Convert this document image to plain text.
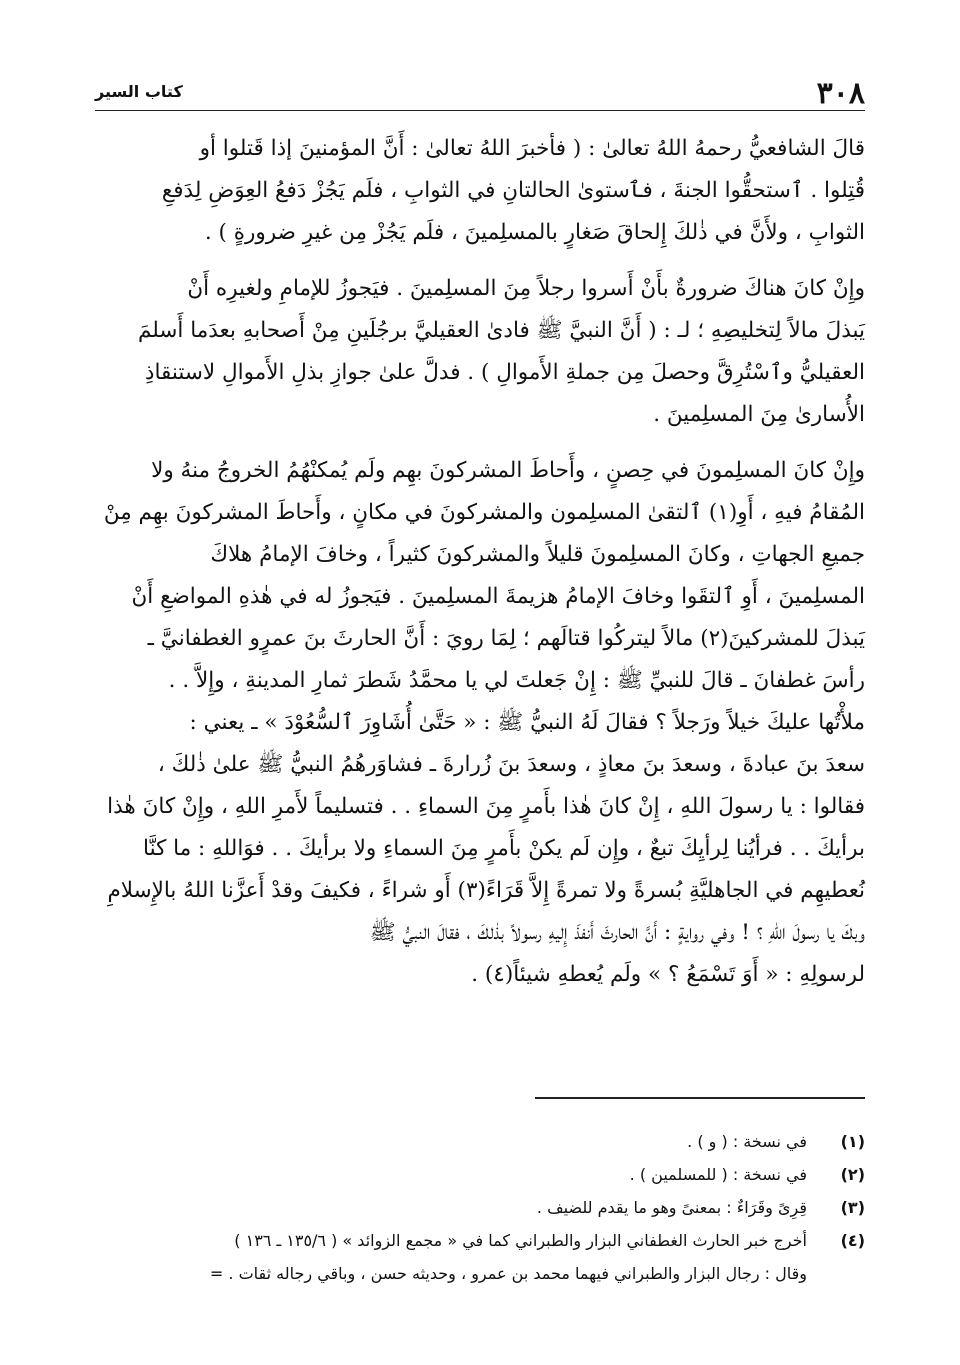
٣٠٨
كتاب السير

قالَ الشافعيُّ رحمهُ اللهُ تعالىٰ : ( فأخبرَ اللهُ تعالىٰ : أَنَّ المؤمنينَ إذا قَتلوا أو

قُتِلوا . ٱستحقُّوا الجنةَ ، فٱستوىٰ الحالتانِ في الثوابِ ، فلَم يَجُزْ دَفعُ العِوَضِ لِدَفعِ

الثوابِ ، ولأَنَّ في ذٰلكَ إِلحاقَ صَغارٍ بالمسلِمينَ ، فلَم يَجُزْ مِن غيرِ ضرورةٍ ) .

وإِنْ كانَ هناكَ ضرورةٌ بأَنْ أَسروا رجلاً مِنَ المسلِمينَ . فيَجوزُ للإمامِ ولغيرِه أَنْ

يَبذلَ مالاً لِتخليصِهِ ؛ لـ : ( أَنَّ النبيَّ ﷺ فادىٰ العقيليَّ برجُلَينِ مِنْ أَصحابهِ بعدَما أَسلمَ

العقيليُّ وٱسْتُرِقَّ وحصلَ مِن جملةِ الأَموالِ ) . فدلَّ علىٰ جوازِ بذلِ الأَموالِ لاستنقاذِ

الأُسارىٰ مِنَ المسلِمينَ .

وإِنْ كانَ المسلِمونَ في حِصنٍ ، وأَحاطَ المشركونَ بهِم ولَم يُمكنْهُمُ الخروجُ منهُ ولا

المُقامُ فيهِ ، أَوِ(١) ٱلتقىٰ المسلِمون والمشركونَ في مكانٍ ، وأَحاطَ المشركونَ بهِم مِنْ

جميعِ الجهاتِ ، وكانَ المسلِمونَ قليلاً والمشركونَ كثيراً ، وخافَ الإمامُ هلاكَ

المسلِمينَ ، أَوِ ٱلتقَوا وخافَ الإمامُ هزيمةَ المسلِمينَ . فيَجوزُ له في هٰذهِ المواضعِ أَنْ

يَبذلَ للمشركينَ(٢) مالاً ليتركُوا قتالَهم ؛ لِمَا رويَ : أَنَّ الحارثَ بنَ عمرٍو الغطفانيَّ ـ

رأسَ غطفانَ ـ قالَ للنبيِّ ﷺ : إِنْ جَعلتَ لي يا محمَّدُ شَطرَ ثمارِ المدينةِ ، وإِلاَّ . .

ملأْتُها عليكَ خيلاً ورَجلاً ؟ فقالَ لَهُ النبيُّ ﷺ : « حَتَّىٰ أُشَاوِرَ ٱلسُّعُوْدَ » ـ يعني :

سعدَ بنَ عبادةَ ، وسعدَ بنَ معاذٍ ، وسعدَ بنَ زُرارةَ ـ فشاوَرهُمُ النبيُّ ﷺ علىٰ ذٰلكَ ،

فقالوا : يا رسولَ اللهِ ، إِنْ كانَ هٰذا بأَمرٍ مِنَ السماءِ . . فتسليماً لأَمرِ اللهِ ، وإِنْ كانَ هٰذا

برأيكَ . . فرأيُنا لِرأيِكَ تبعٌ ، وإِن لَم يكنْ بأَمرٍ مِنَ السماءِ ولا برأيكَ . . فوَاللهِ : ما كنَّا

نُعطيهِم في الجاهليَّةِ بُسرةً ولا تمرةً إِلاَّ قَرَاءً(٣) أَو شراءً ، فكيفَ وقدْ أَعزَّنا اللهُ بالإِسلامِ

وبكَ يا رسولَ اللهِ ؟ ! وفي روايةٍ : أَنَّ الحارثَ أَنفذَ إِليهِ رسولاً بذٰلكَ ، فقالَ النبيُّ ﷺ

لرسولِهِ : « أَوَ تَسْمَعُ ؟ » ولَم يُعطهِ شيئاً(٤) .

(١)
في نسخة : ( و ) .
(٢)
في نسخة : ( للمسلمين ) .
(٣)
قِرِىً وقَرَاءٌ : بمعنىً وهو ما يقدم للضيف .
(٤)
أخرج خبر الحارث الغطفاني البزار والطبراني كما في « مجمع الزوائد » ( ١٣٥/٦ ـ ١٣٦ )
وقال : رجال البزار والطبراني فيهما محمد بن عمرو ، وحديثه حسن ، وباقي رجاله ثقات . =
